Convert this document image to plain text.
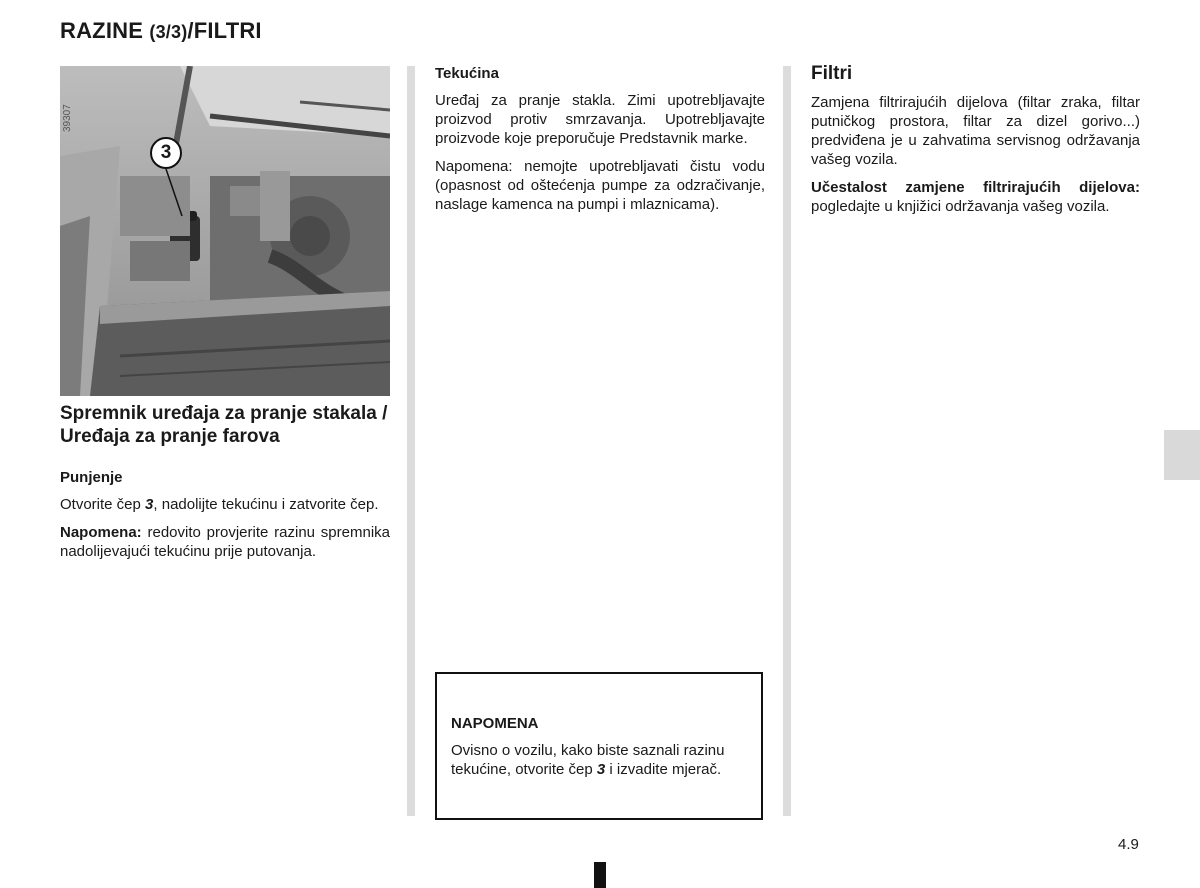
RAZINE (3/3)/FILTRI
39307
3
Spremnik uređaja za pranje stakala / Uređaja za pranje farova
Punjenje

Otvorite čep 3, nadolijte tekućinu i zatvorite čep.

Napomena: redovito provjerite razinu spremnika nadolijevajući tekućinu prije putovanja.

Tekućina

Uređaj za pranje stakla. Zimi upotrebljavajte proizvod protiv smrzavanja. Upotrebljavajte proizvode koje preporučuje Predstavnik marke.

Napomena: nemojte upotrebljavati čistu vodu (opasnost od oštećenja pumpe za odzračivanje, naslage kamenca na pumpi i mlaznicama).

NAPOMENA

Ovisno o vozilu, kako biste saznali razinu tekućine, otvorite čep 3 i izvadite mjerač.

Filtri

Zamjena filtrirajućih dijelova (filtar zraka, filtar putničkog prostora, filtar za dizel gorivo...) predviđena je u zahvatima servisnog održavanja vašeg vozila.

Učestalost zamjene filtrirajućih dijelova: pogledajte u knjižici održavanja vašeg vozila.

4.9
